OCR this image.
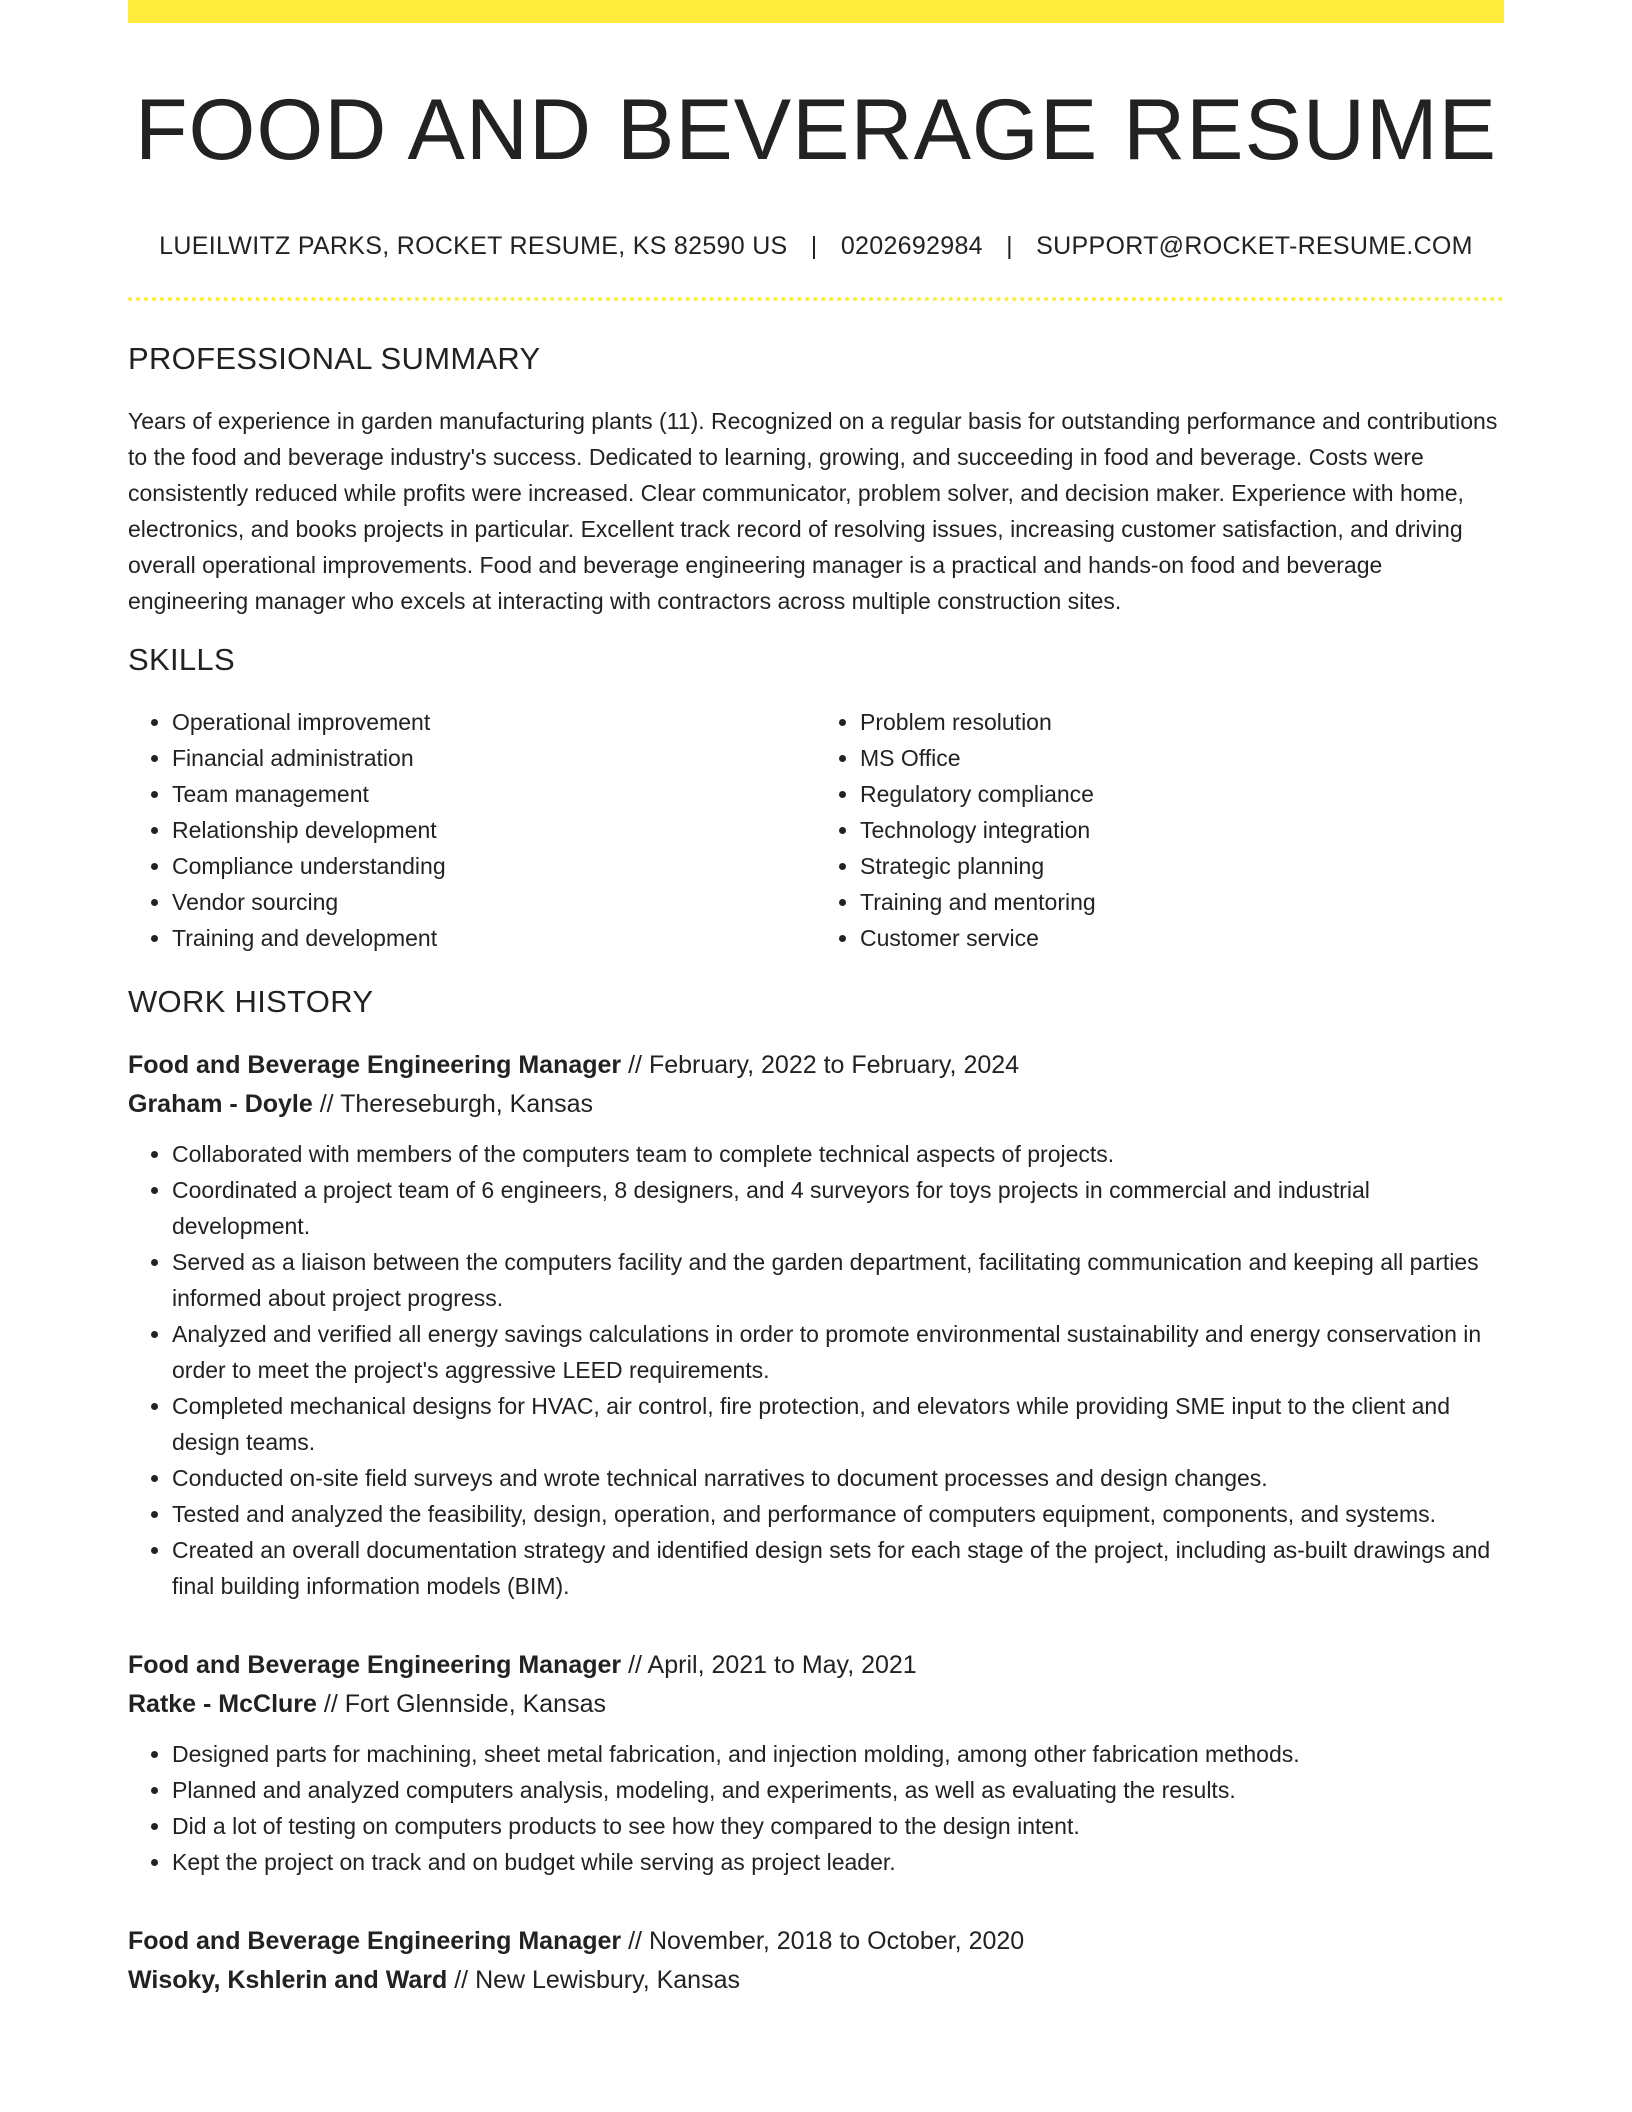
FOOD AND BEVERAGE RESUME
LUEILWITZ PARKS, ROCKET RESUME, KS 82590 US | 0202692984 | SUPPORT@ROCKET-RESUME.COM
PROFESSIONAL SUMMARY

Years of experience in garden manufacturing plants (11). Recognized on a regular basis for outstanding performance and contributions to the food and beverage industry's success. Dedicated to learning, growing, and succeeding in food and beverage. Costs were consistently reduced while profits were increased. Clear communicator, problem solver, and decision maker. Experience with home, electronics, and books projects in particular. Excellent track record of resolving issues, increasing customer satisfaction, and driving overall operational improvements. Food and beverage engineering manager is a practical and hands-on food and beverage engineering manager who excels at interacting with contractors across multiple construction sites.

SKILLS
• Operational improvement
• Financial administration
• Team management
• Relationship development
• Compliance understanding
• Vendor sourcing
• Training and development
• Problem resolution
• MS Office
• Regulatory compliance
• Technology integration
• Strategic planning
• Training and mentoring
• Customer service
WORK HISTORY
Food and Beverage Engineering Manager // February, 2022 to February, 2024
Graham - Doyle // Thereseburgh, Kansas
• Collaborated with members of the computers team to complete technical aspects of projects.
• Coordinated a project team of 6 engineers, 8 designers, and 4 surveyors for toys projects in commercial and industrial development.
• Served as a liaison between the computers facility and the garden department, facilitating communication and keeping all parties informed about project progress.
• Analyzed and verified all energy savings calculations in order to promote environmental sustainability and energy conservation in order to meet the project's aggressive LEED requirements.
• Completed mechanical designs for HVAC, air control, fire protection, and elevators while providing SME input to the client and design teams.
• Conducted on-site field surveys and wrote technical narratives to document processes and design changes.
• Tested and analyzed the feasibility, design, operation, and performance of computers equipment, components, and systems.
• Created an overall documentation strategy and identified design sets for each stage of the project, including as-built drawings and final building information models (BIM).
Food and Beverage Engineering Manager // April, 2021 to May, 2021
Ratke - McClure // Fort Glennside, Kansas
• Designed parts for machining, sheet metal fabrication, and injection molding, among other fabrication methods.
• Planned and analyzed computers analysis, modeling, and experiments, as well as evaluating the results.
• Did a lot of testing on computers products to see how they compared to the design intent.
• Kept the project on track and on budget while serving as project leader.
Food and Beverage Engineering Manager // November, 2018 to October, 2020
Wisoky, Kshlerin and Ward // New Lewisbury, Kansas
